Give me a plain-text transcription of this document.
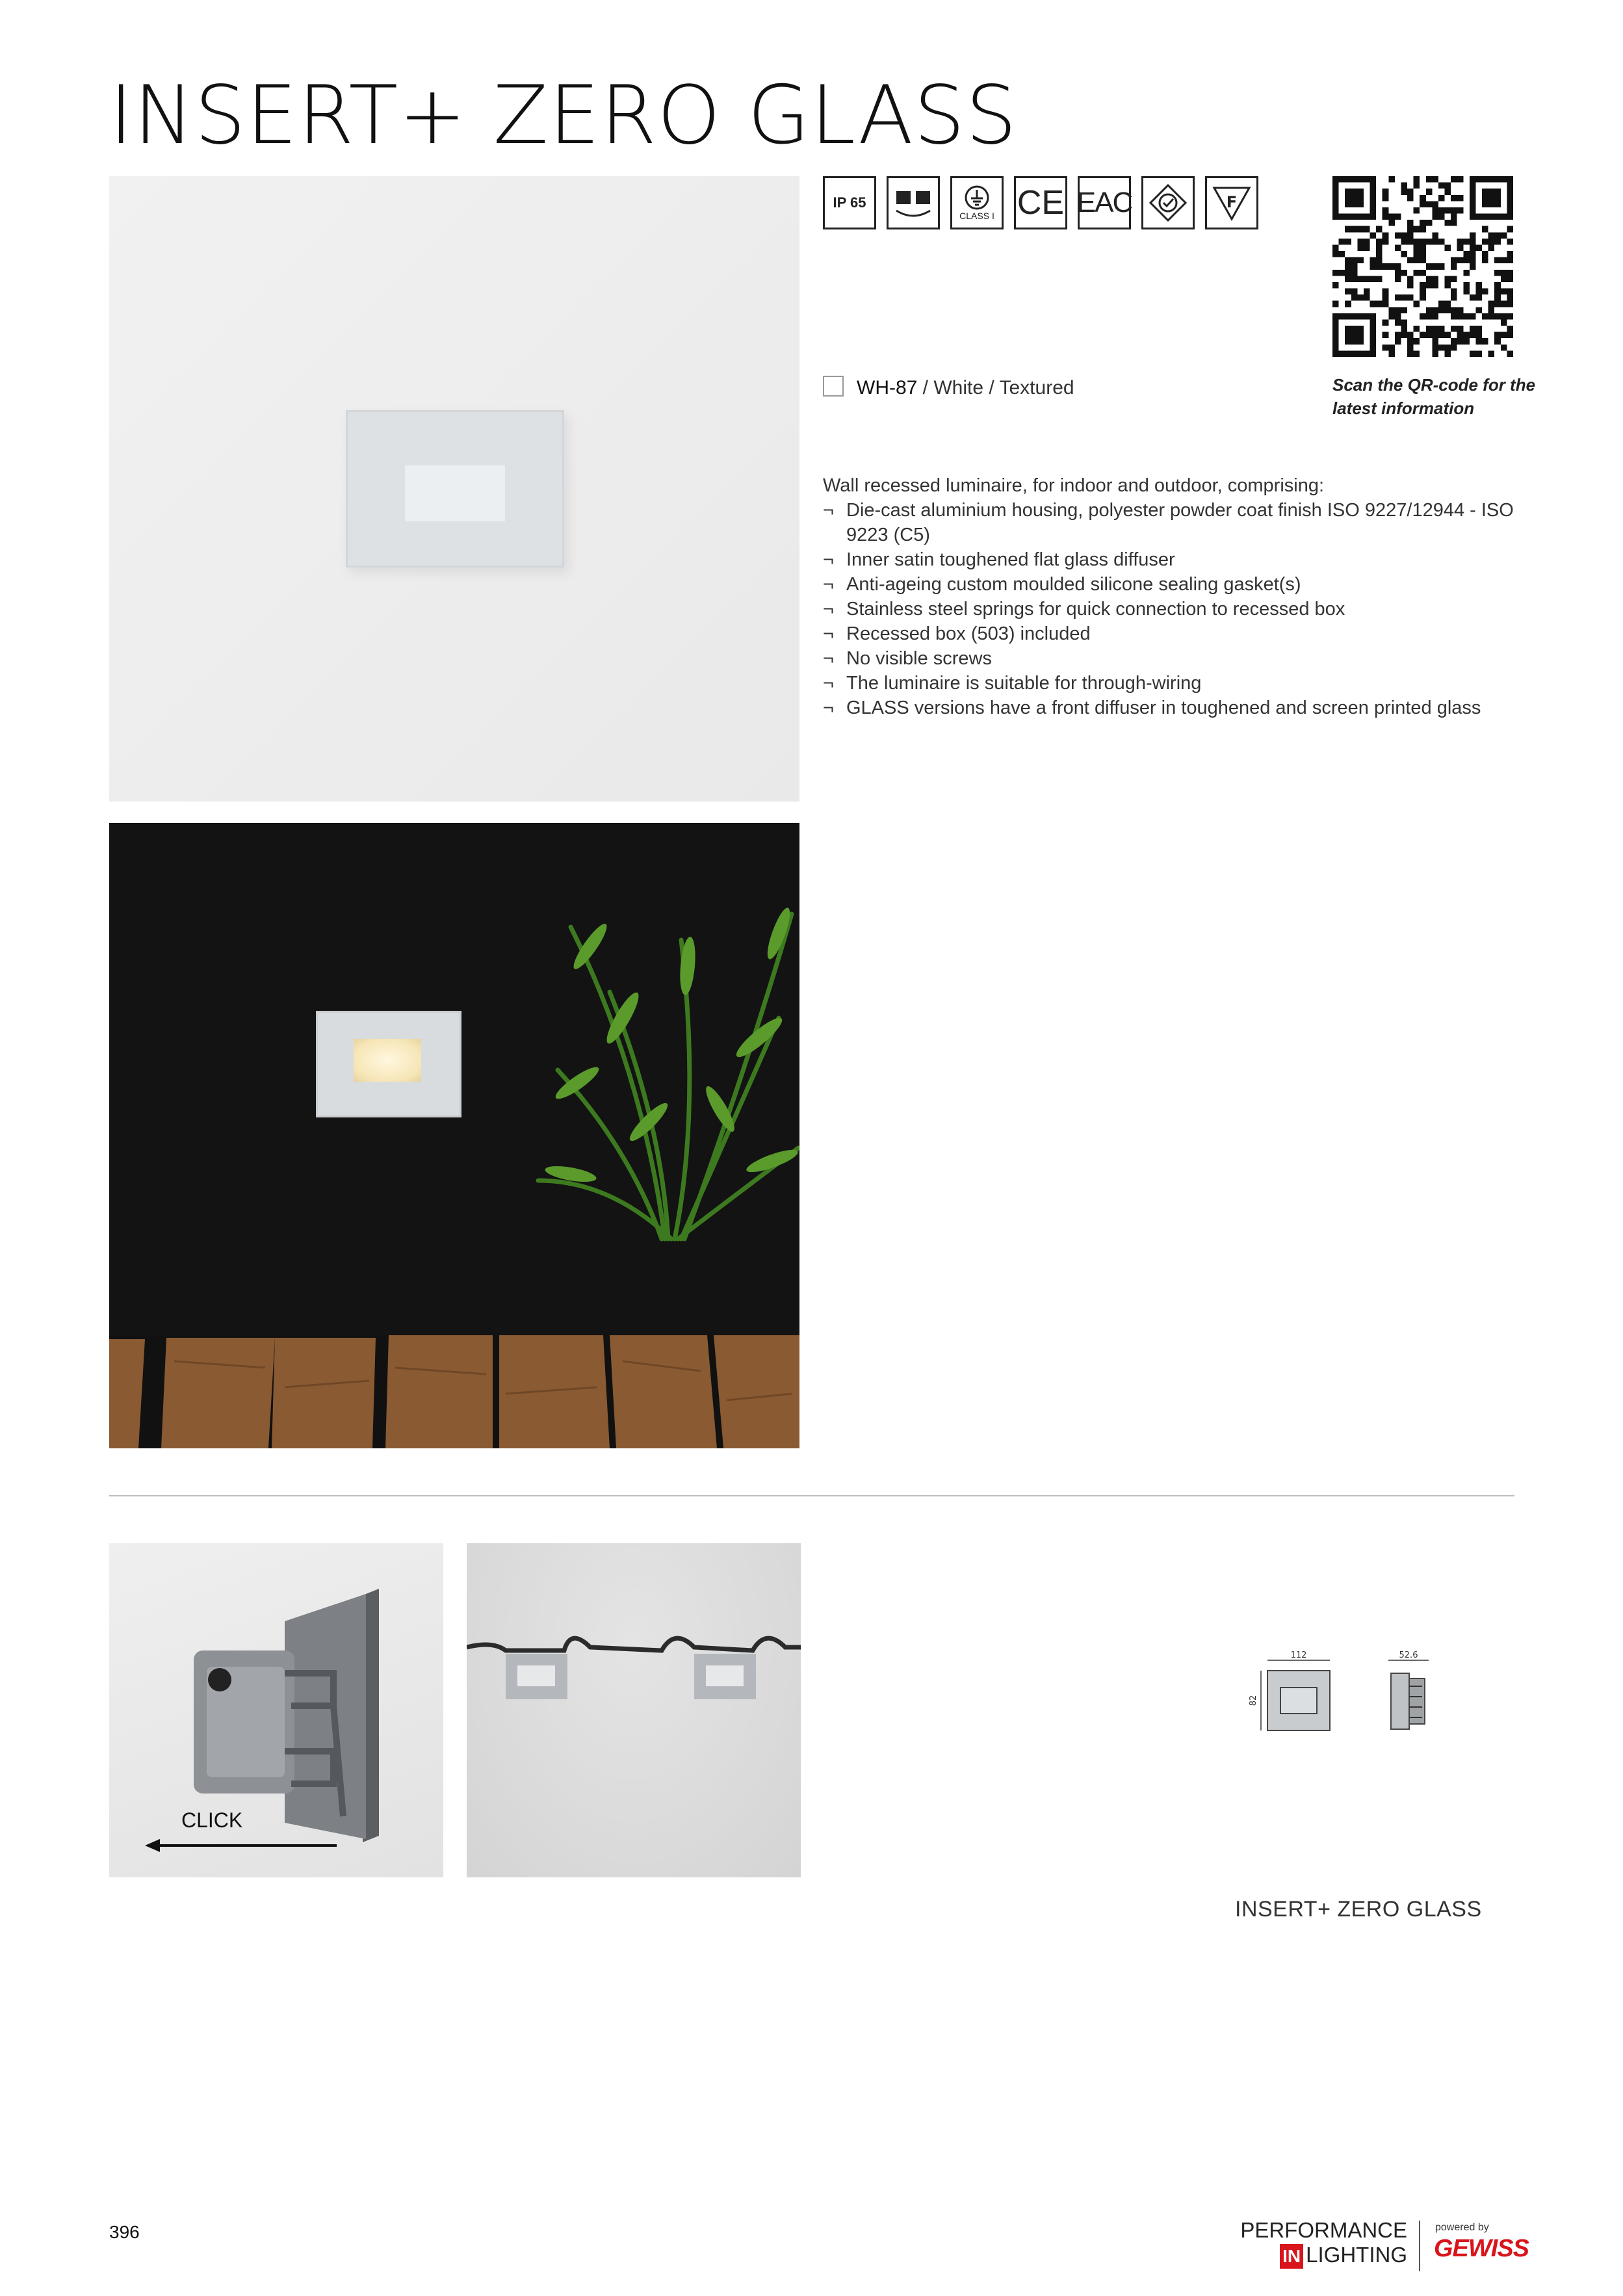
INSERT+ ZERO GLASS
IP 65
CLASS I CE EAC	F
Scan the QR-code for the latest information
WH-87 / White / Textured
Wall recessed luminaire, for indoor and outdoor, comprising:
¬ Die-cast aluminium housing, polyester powder coat finish ISO 9227/12944 - ISO 9223 (C5)
¬ Inner satin toughened flat glass diffuser
¬ Anti-ageing custom moulded silicone sealing gasket(s)
¬ Stainless steel springs for quick connection to recessed box
¬ Recessed box (503) included
¬ No visible screws
¬ The luminaire is suitable for through-wiring
¬ GLASS versions have a front diffuser in toughened and screen printed glass
CLICK
112	52.6
82
INSERT+ ZERO GLASS
396	PERFORMANCE
IN LIGHTING
powered by
GEWISS
